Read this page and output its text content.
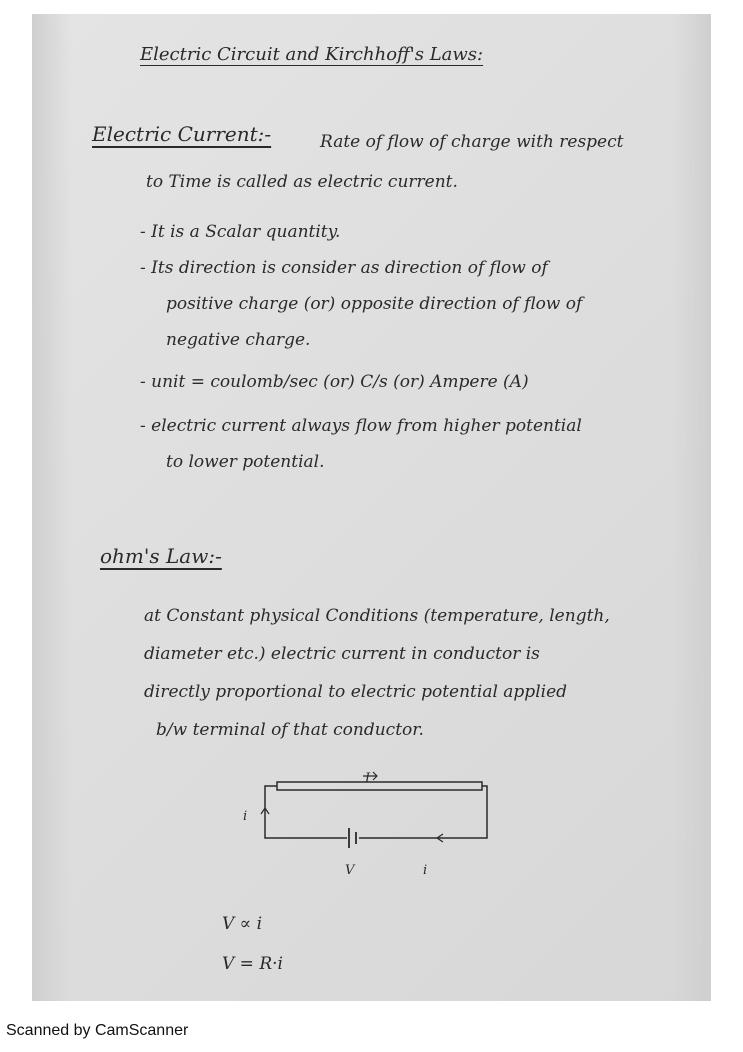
Electric Circuit and Kirchhoff's Laws:
Electric Current:-	Rate of flow of charge with respect
to Time is called as electric current.
- It is a Scalar quantity.
- Its direction is consider as direction of flow of
positive charge (or) opposite direction of flow of
negative charge.
- unit = coulomb/sec (or) C/s (or) Ampere (A)
- electric current always flow from higher potential
to lower potential.
ohm's Law:-
at Constant physical Conditions (temperature, length,
diameter etc.) electric current in conductor is
directly proportional to electric potential applied
b/w terminal of that conductor.
V ∝ i
V = R·i
I
i
V	i
Scanned by CamScanner
